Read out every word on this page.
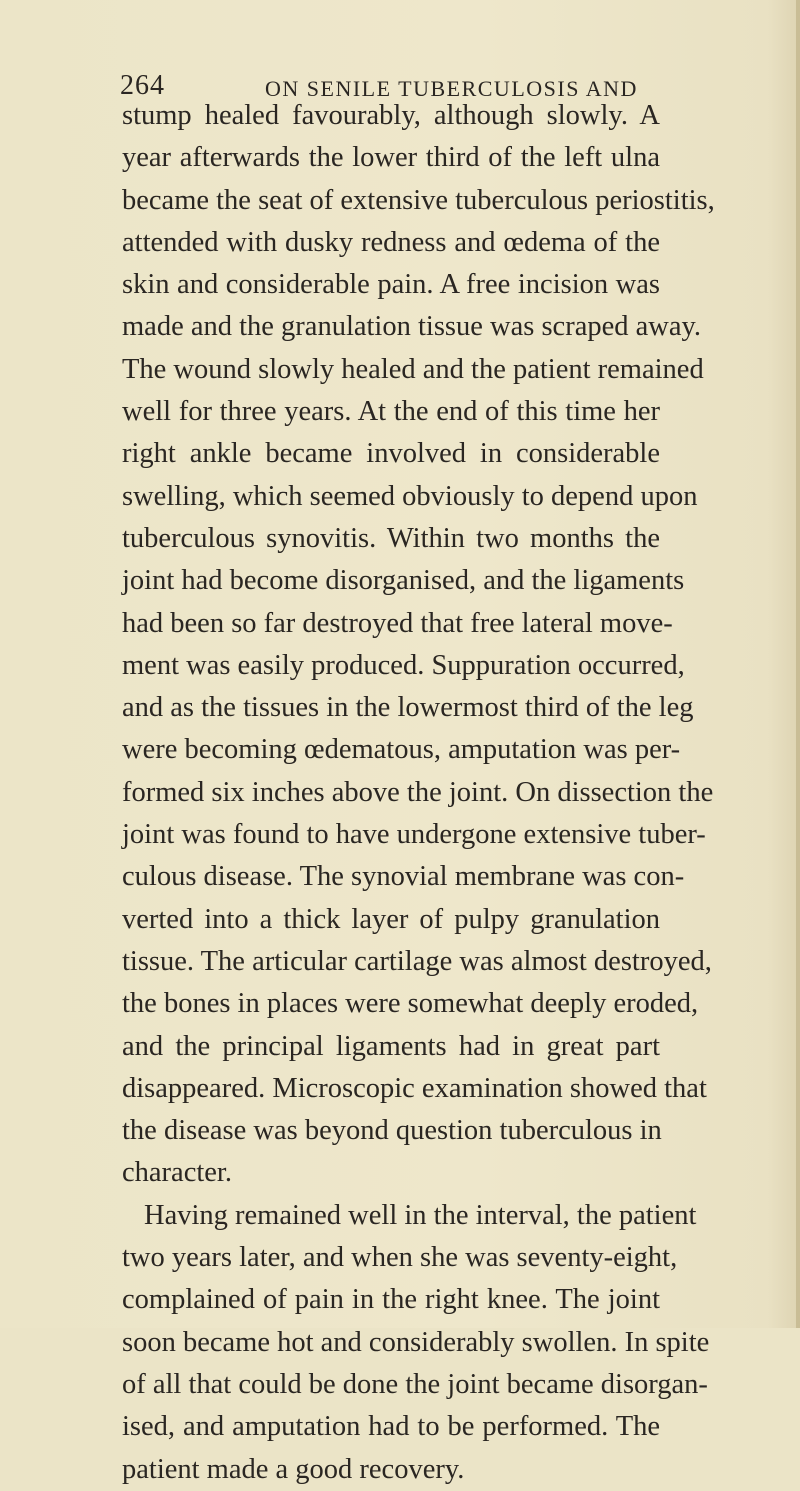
264	ON SENILE TUBERCULOSIS AND
stump healed favourably, although slowly. A
year afterwards the lower third of the left ulna
became the seat of extensive tuberculous periostitis,
attended with dusky redness and œdema of the
skin and considerable pain. A free incision was
made and the granulation tissue was scraped away.
The wound slowly healed and the patient remained
well for three years. At the end of this time her
right ankle became involved in considerable
swelling, which seemed obviously to depend upon
tuberculous synovitis. Within two months the
joint had become disorganised, and the ligaments
had been so far destroyed that free lateral move-
ment was easily produced. Suppuration occurred,
and as the tissues in the lowermost third of the leg
were becoming œdematous, amputation was per-
formed six inches above the joint. On dissection the
joint was found to have undergone extensive tuber-
culous disease. The synovial membrane was con-
verted into a thick layer of pulpy granulation
tissue. The articular cartilage was almost destroyed,
the bones in places were somewhat deeply eroded,
and the principal ligaments had in great part
disappeared. Microscopic examination showed that
the disease was beyond question tuberculous in
character.
Having remained well in the interval, the patient
two years later, and when she was seventy-eight,
complained of pain in the right knee. The joint
soon became hot and considerably swollen. In spite
of all that could be done the joint became disorgan-
ised, and amputation had to be performed. The
patient made a good recovery.
